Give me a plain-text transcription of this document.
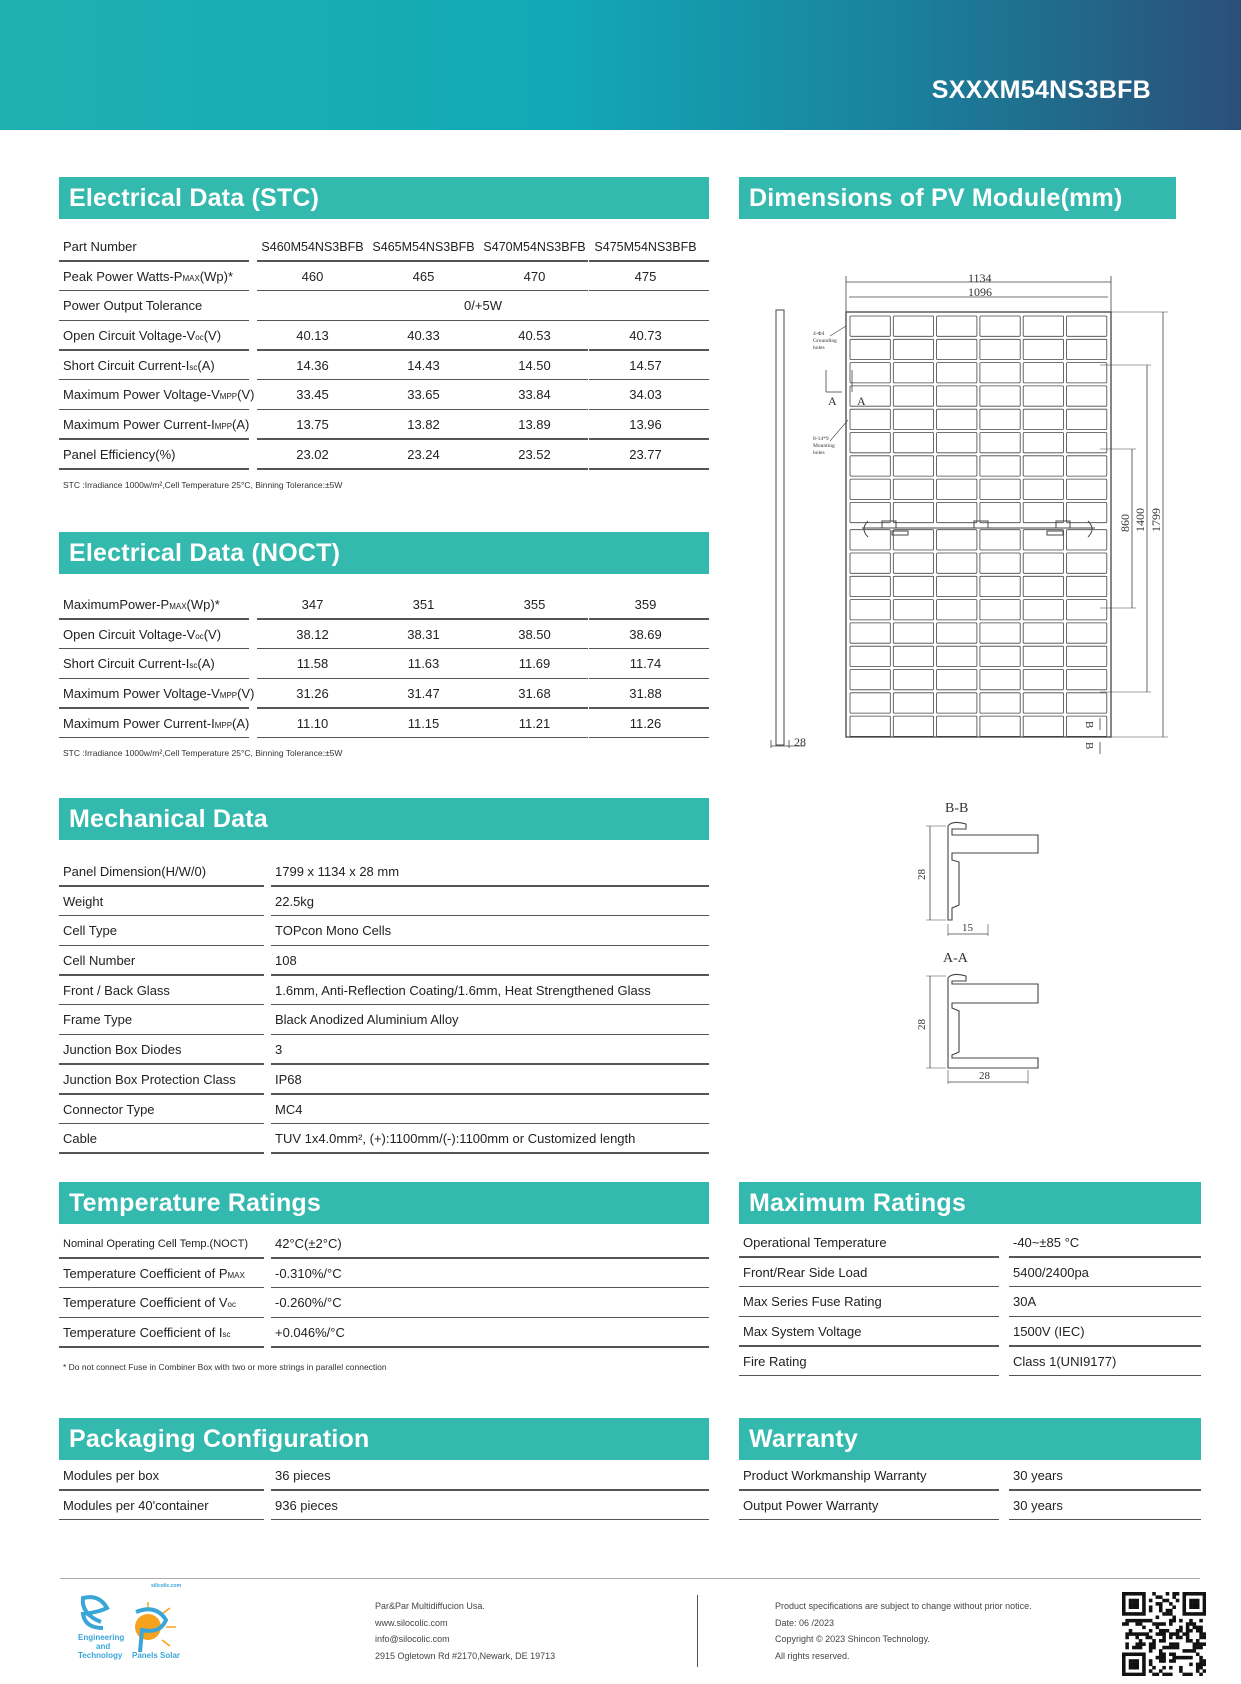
SXXXM54NS3BFB
Electrical Data (STC)
Part Number	S460M54NS3BFB S465M54NS3BFB S470M54NS3BFB S475M54NS3BFB
Peak Power Watts-PMAX(Wp)*	460	465	470	475
Power Output Tolerance	0/+5W
Open Circuit Voltage-Voc(V)	40.13	40.33	40.53	40.73
Short Circuit Current-Isc(A)	14.36	14.43	14.50	14.57
Maximum Power Voltage-VMPP(V)	33.45	33.65	33.84	34.03
Maximum Power Current-IMPP(A)	13.75	13.82	13.89	13.96
Panel Efficiency(%)	23.02	23.24	23.52	23.77
STC :Irradiance 1000w/m²,Cell Temperature 25°C, Binning Tolerance:±5W
Electrical Data (NOCT)
MaximumPower-PMAX(Wp)*	347	351	355	359
Open Circuit Voltage-Voc(V)	38.12	38.31	38.50	38.69
Short Circuit Current-Isc(A)	11.58	11.63	11.69	11.74
Maximum Power Voltage-VMPP(V)	31.26	31.47	31.68	31.88
Maximum Power Current-IMPP(A)	11.10	11.15	11.21	11.26
STC :Irradiance 1000w/m²,Cell Temperature 25°C, Binning Tolerance:±5W
Mechanical Data
Panel Dimension(H/W/0)	1799 x 1134 x 28 mm
Weight	22.5kg
Cell Type	TOPcon Mono Cells
Cell Number	108
Front / Back Glass	1.6mm, Anti-Reflection Coating/1.6mm, Heat Strengthened Glass
Frame Type	Black Anodized Aluminium Alloy
Junction Box Diodes	3
Junction Box Protection Class	IP68
Connector Type	MC4
Cable	TUV 1x4.0mm², (+):1100mm/(-):1100mm or Customized length
Temperature Ratings
Nominal Operating Cell Temp.(NOCT)	42°C(±2°C)
Temperature Coefficient of PMAX	-0.310%/°C
Temperature Coefficient of Voc	-0.260%/°C
Temperature Coefficient of Isc	+0.046%/°C
* Do not connect Fuse in Combiner Box with two or more strings in parallel connection
Maximum Ratings
Operational Temperature	-40~±85 °C
Front/Rear Side Load	5400/2400pa
Max Series Fuse Rating	30A
Max System Voltage	1500V (IEC)
Fire Rating	Class 1(UNI9177)
Packaging Configuration
Modules per box	36 pieces
Modules per 40'container	936 pieces
Warranty
Product Workmanship Warranty	30 years
Output Power Warranty	30 years
Dimensions of PV Module(mm)
28
1134
1096
860 1400 1799
4-Φ4 Grounding holes
8-14*9 Mounting holes
A A
B
B
B-B
28
15
A-A
28
28
silicolic.com
Engineering and Technology Panels Solar
Par&Par Multidiffucion Usa.
www.silocolic.com
info@silocolic.com
2915 Ogletown Rd #2170,Newark, DE 19713
Product specifications are subject to change without prior notice.
Date: 06 /2023
Copyright © 2023 Shincon Technology.
All rights reserved.
